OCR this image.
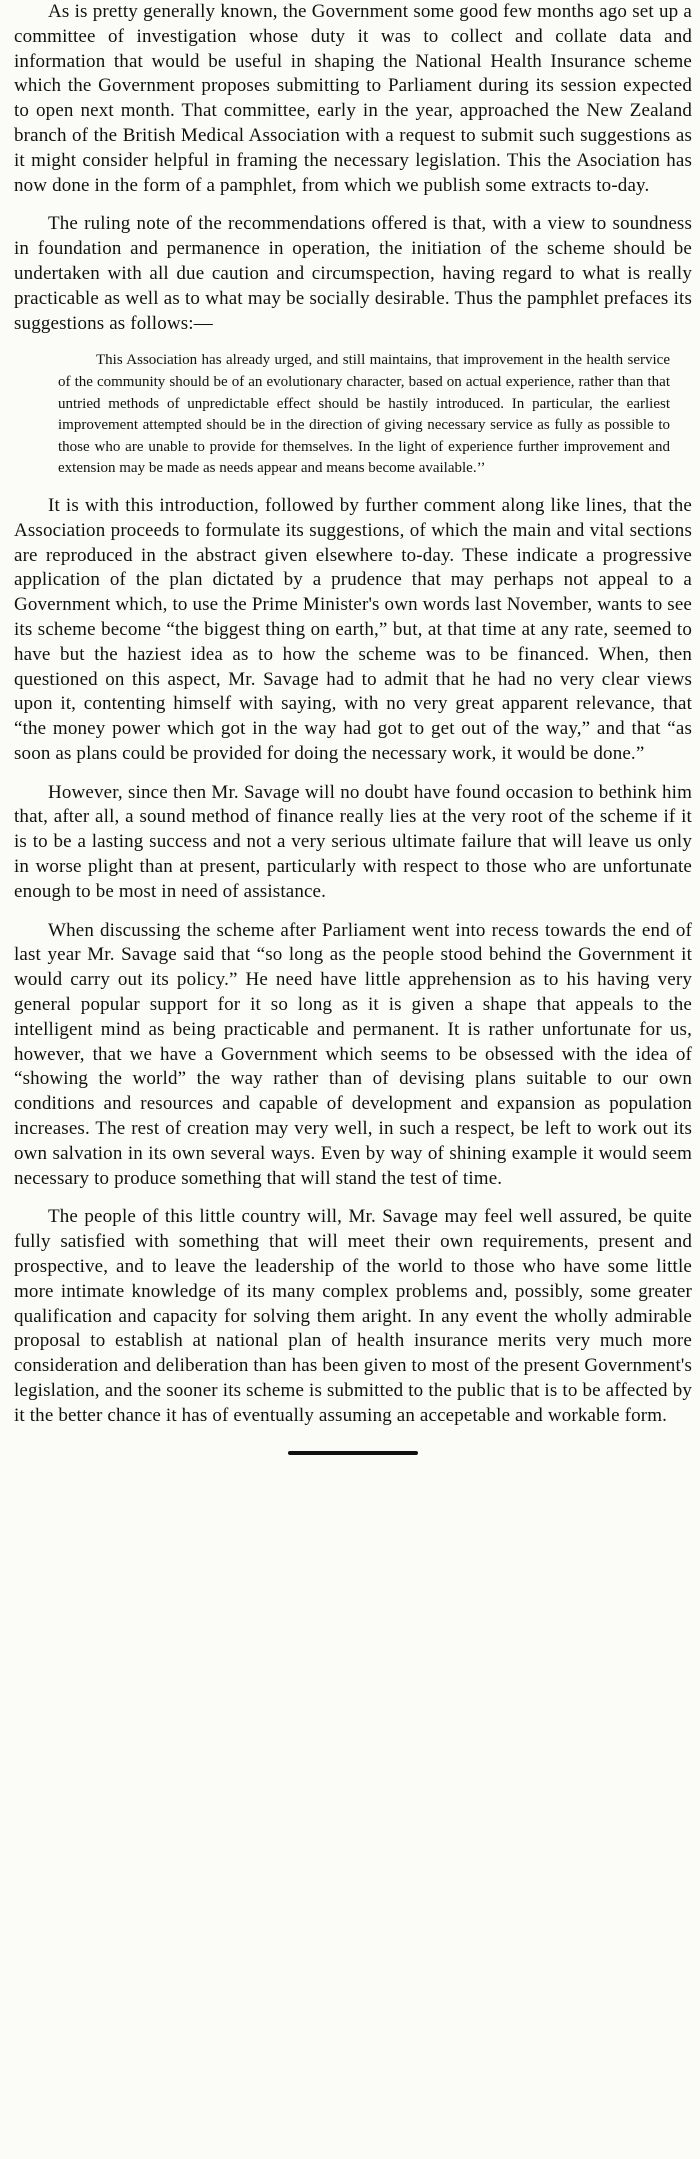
As is pretty generally known, the Government some good few months ago set up a committee of investigation whose duty it was to collect and collate data and information that would be useful in shaping the National Health Insurance scheme which the Government proposes submitting to Parliament during its session expected to open next month. That committee, early in the year, approached the New Zealand branch of the British Medical Association with a request to submit such suggestions as it might consider helpful in framing the necessary legislation. This the Asociation has now done in the form of a pamphlet, from which we publish some extracts to-day.

The ruling note of the recommendations offered is that, with a view to soundness in foundation and permanence in operation, the initiation of the scheme should be undertaken with all due caution and circumspection, having regard to what is really practicable as well as to what may be socially desirable. Thus the pamphlet prefaces its suggestions as follows:—

This Association has already urged, and still maintains, that improvement in the health service of the community should be of an evolutionary character, based on actual experience, rather than that untried methods of unpredictable effect should be hastily introduced. In particular, the earliest improvement attempted should be in the direction of giving necessary service as fully as possible to those who are unable to provide for themselves. In the light of experience further improvement and extension may be made as needs appear and means become available.’’

It is with this introduction, followed by further comment along like lines, that the Association proceeds to formulate its suggestions, of which the main and vital sections are reproduced in the abstract given elsewhere to-day. These indicate a progressive application of the plan dictated by a prudence that may perhaps not appeal to a Government which, to use the Prime Minister's own words last November, wants to see its scheme become “the biggest thing on earth,” but, at that time at any rate, seemed to have but the haziest idea as to how the scheme was to be financed. When, then questioned on this aspect, Mr. Savage had to admit that he had no very clear views upon it, contenting himself with saying, with no very great apparent relevance, that “the money power which got in the way had got to get out of the way,” and that “as soon as plans could be provided for doing the necessary work, it would be done.”

However, since then Mr. Savage will no doubt have found occasion to bethink him that, after all, a sound method of finance really lies at the very root of the scheme if it is to be a lasting success and not a very serious ultimate failure that will leave us only in worse plight than at present, particularly with respect to those who are unfortunate enough to be most in need of assistance.

When discussing the scheme after Parliament went into recess towards the end of last year Mr. Savage said that “so long as the people stood behind the Government it would carry out its policy.” He need have little apprehension as to his having very general popular support for it so long as it is given a shape that appeals to the intelligent mind as being practicable and permanent. It is rather unfortunate for us, however, that we have a Government which seems to be obsessed with the idea of “showing the world” the way rather than of devising plans suitable to our own conditions and resources and capable of development and expansion as population increases. The rest of creation may very well, in such a respect, be left to work out its own salvation in its own several ways. Even by way of shining example it would seem necessary to produce something that will stand the test of time.

The people of this little country will, Mr. Savage may feel well assured, be quite fully satisfied with something that will meet their own requirements, present and prospective, and to leave the leadership of the world to those who have some little more intimate knowledge of its many complex problems and, possibly, some greater qualification and capacity for solving them aright. In any event the wholly admirable proposal to establish at national plan of health insurance merits very much more consideration and deliberation than has been given to most of the present Government's legislation, and the sooner its scheme is submitted to the public that is to be affected by it the better chance it has of eventually assuming an accepetable and workable form.
